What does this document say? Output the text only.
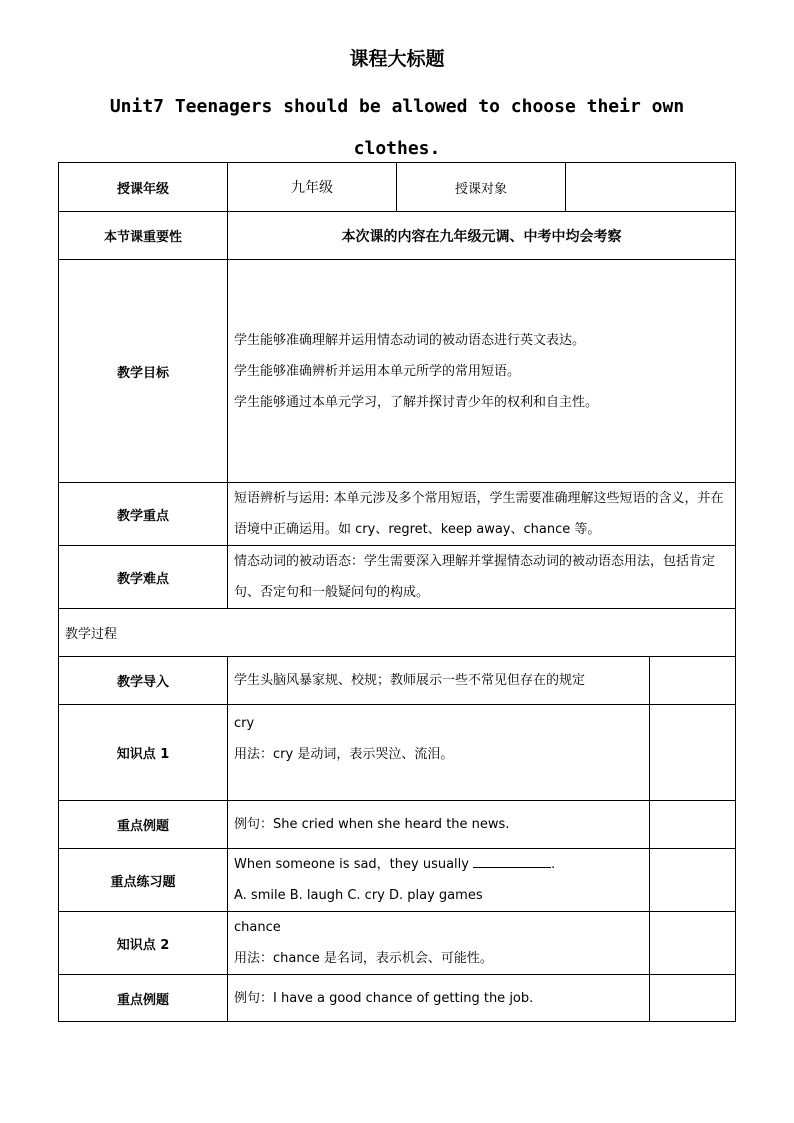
课程大标题
Unit7 Teenagers should be allowed to choose their own clothes.
授课年级	九年级	授课对象		
本节课重要性	本次课的内容在九年级元调、中考中均会考察			
教学目标	学生能够准确理解并运用情态动词的被动语态进行英文表达。
学生能够准确辨析并运用本单元所学的常用短语。
学生能够通过本单元学习，了解并探讨青少年的权利和自主性。			

教学重点	短语辨析与运用: 本单元涉及多个常用短语，学生需要准确理解这些短语的含义，并在语境中正确运用。如 cry、regret、keep away、chance 等。			
教学难点	情态动词的被动语态：学生需要深入理解并掌握情态动词的被动语态用法，包括肯定句、否定句和一般疑问句的构成。			
教学过程				
教学导入	学生头脑风暴家规、校规；教师展示一些不常见但存在的规定			

知识点 1	cry
用法：cry 是动词，表示哭泣、流泪。			

重点例题	例句：She cried when she heard the news.			

重点练习题	When someone is sad，they usually .
A. smile B. laugh C. cry D. play games			

知识点 2	chance
用法：chance 是名词，表示机会、可能性。			

重点例题	例句：I have a good chance of getting the job.			
